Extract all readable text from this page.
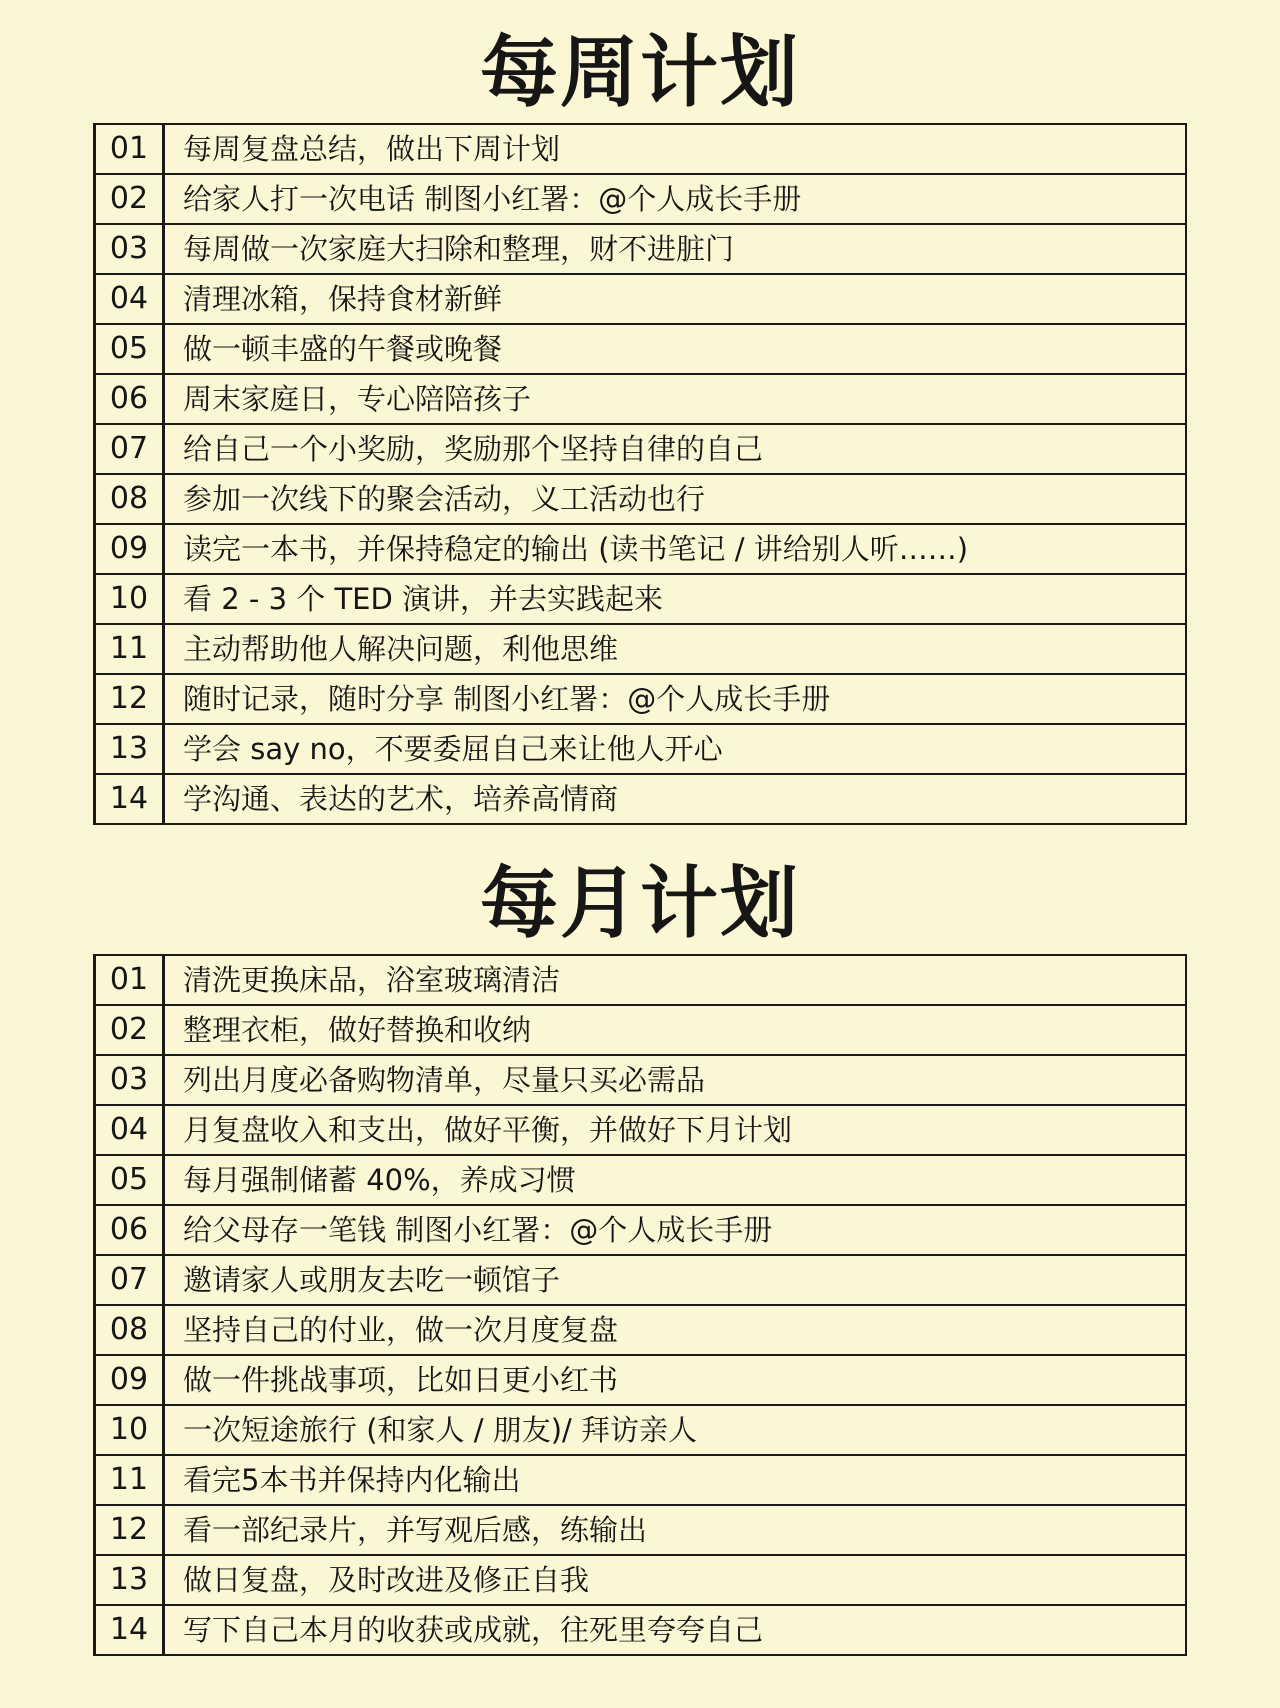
每周计划
01	每周复盘总结，做出下周计划
02	给家人打一次电话 制图小红署：@个人成长手册
03	每周做一次家庭大扫除和整理，财不进脏门
04	清理冰箱，保持食材新鲜
05	做一顿丰盛的午餐或晚餐
06	周末家庭日，专心陪陪孩子
07	给自己一个小奖励，奖励那个坚持自律的自己
08	参加一次线下的聚会活动，义工活动也行
09	读完一本书，并保持稳定的输出 (读书笔记 / 讲给别人听……)
10	看 2 - 3 个 TED 演讲，并去实践起来
11	主动帮助他人解决问题，利他思维
12	随时记录，随时分享 制图小红署：@个人成长手册
13	学会 say no，不要委屈自己来让他人开心
14	学沟通、表达的艺术，培养高情商
每月计划
01	清洗更换床品，浴室玻璃清洁
02	整理衣柜，做好替换和收纳
03	列出月度必备购物清单，尽量只买必需品
04	月复盘收入和支出，做好平衡，并做好下月计划
05	每月强制储蓄 40%，养成习惯
06	给父母存一笔钱 制图小红署：@个人成长手册
07	邀请家人或朋友去吃一顿馆子
08	坚持自己的付业，做一次月度复盘
09	做一件挑战事项，比如日更小红书
10	一次短途旅行 (和家人 / 朋友)/ 拜访亲人
11	看完5本书并保持内化输出
12	看一部纪录片，并写观后感，练输出
13	做日复盘，及时改进及修正自我
14	写下自己本月的收获或成就，往死里夸夸自己
